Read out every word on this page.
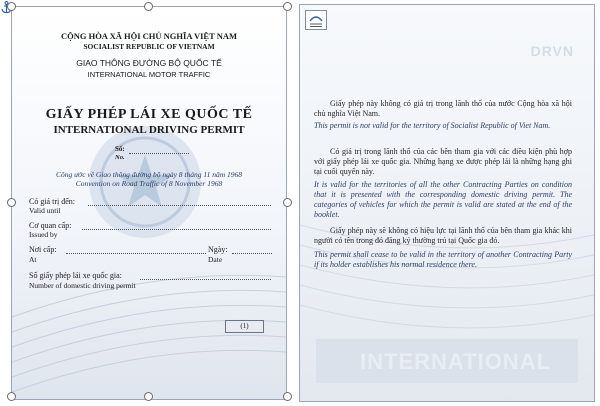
CỘNG HÒA XÃ HỘI CHỦ NGHĨA VIỆT NAM
SOCIALIST REPUBLIC OF VIETNAM
GIAO THÔNG ĐƯỜNG BỘ QUỐC TẾ
INTERNATIONAL MOTOR TRAFFIC
GIẤY PHÉP LÁI XE QUỐC TẾ
INTERNATIONAL DRIVING PERMIT
Số:
No.
Công ước về Giao thông đường bộ ngày 8 tháng 11 năm 1968
Convention on Road Traffic of 8 November 1968
Có giá trị đến:
Valid until
Cơ quan cấp:
Issued by
Nơi cấp:
At
Ngày:
Date
Số giấy phép lái xe quốc gia:
Number of domestic driving permit
(1)
DRVN
Giấy phép này không có giá trị trong lãnh thổ của nước Cộng hòa xã hội chủ nghĩa Việt Nam.
This permit is not valid for the territory of Socialist Republic of Viet Nam.
Có giá trị trong lãnh thổ của các bên tham gia với các điều kiện phù hợp với giấy phép lái xe quốc gia. Những hạng xe được phép lái là những hạng ghi tại cuối quyển này.
It is valid for the territories of all the other Contracting Parties on condition that it is presented with the corresponding domestic driving permit. The categories of vehicles for which the permit is valid are stated at the end of the booklet.
Giấy phép này sẽ không có hiệu lực tại lãnh thổ của bên tham gia khác khi người có tên trong đó đăng ký thường trú tại Quốc gia đó.
This permit shall cease to be valid in the territory of another Contracting Party if its holder establishes his normal residence there.
INTERNATIONAL
